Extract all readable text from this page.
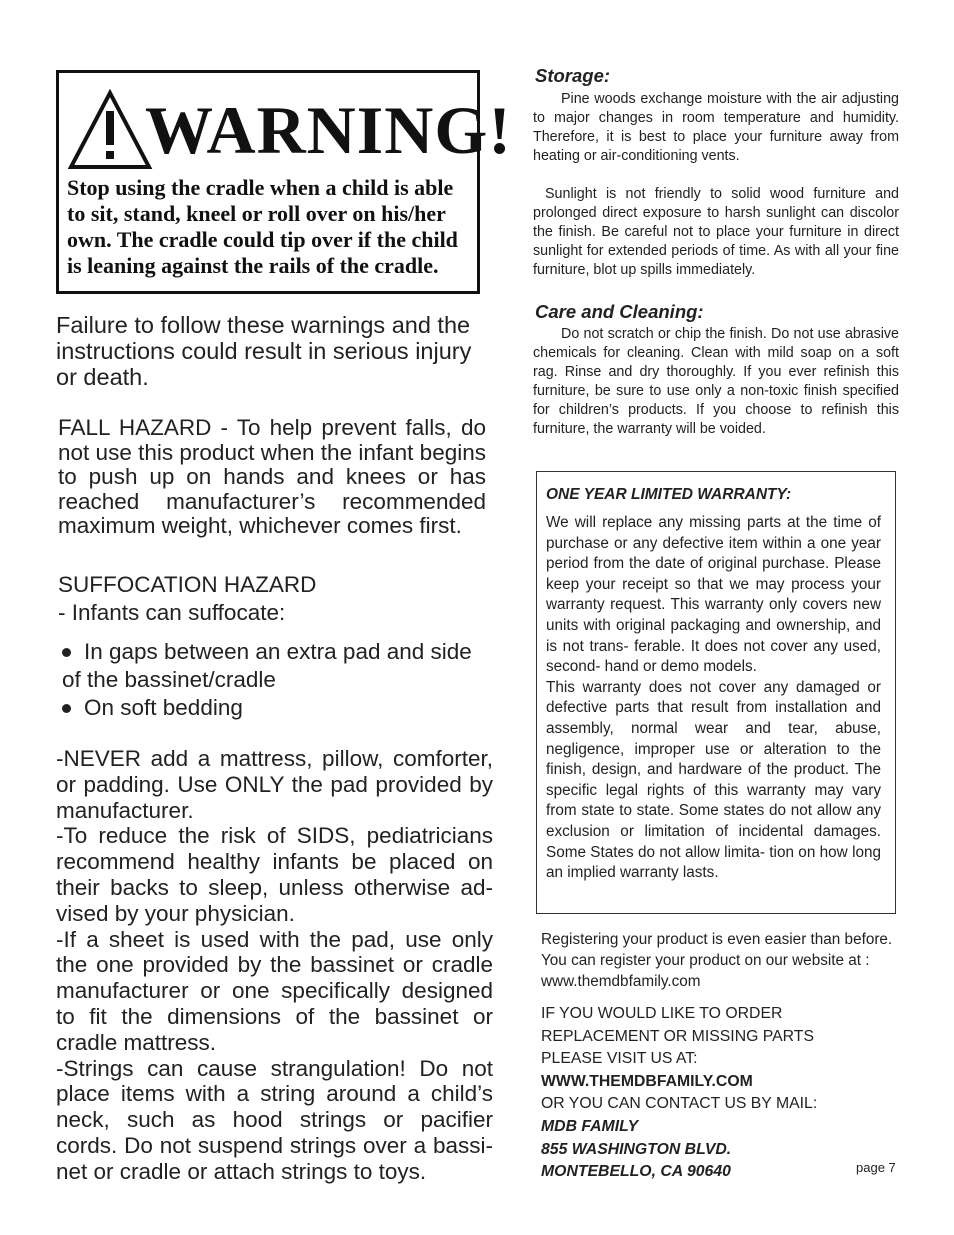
WARNING!
Stop using the cradle when a child is able to sit, stand, kneel or roll over on his/her own. The cradle could tip over if the child is leaning against the rails of the cradle.
Failure to follow these warnings and the instructions could result in serious injury or death.
FALL HAZARD - To help prevent falls, do not use this product when the infant begins to push up on hands and knees or has reached manufacturer’s recommended maximum weight, whichever comes first.
SUFFOCATION HAZARD
- Infants can suffocate:
In gaps between an extra pad and side
of the bassinet/cradle
On soft bedding

-NEVER add a mattress, pillow, comforter, or padding. Use ONLY the pad provided by manufacturer.

-To reduce the risk of SIDS, pediatricians recommend healthy infants be placed on their backs to sleep, unless otherwise ad- vised by your physician.

-If a sheet is used with the pad, use only the one provided by the bassinet or cradle manufacturer or one specifically designed to fit the dimensions of the bassinet or cradle mattress.

-Strings can cause strangulation! Do not place items with a string around a child’s neck, such as hood strings or pacifier cords. Do not suspend strings over a bassi- net or cradle or attach strings to toys.

Storage:
Pine woods exchange moisture with the air adjusting to major changes in room temperature and humidity. Therefore, it is best to place your furniture away from heating or air-conditioning vents.
Sunlight is not friendly to solid wood furniture and prolonged direct exposure to harsh sunlight can discolor the finish. Be careful not to place your furniture in direct sunlight for extended periods of time. As with all your fine furniture, blot up spills immediately.
Care and Cleaning:
Do not scratch or chip the finish. Do not use abrasive chemicals for cleaning. Clean with mild soap on a soft rag. Rinse and dry thoroughly. If you ever refinish this furniture, be sure to use only a non-toxic finish specified for children’s products. If you choose to refinish this furniture, the warranty will be voided.
ONE YEAR LIMITED WARRANTY:

We will replace any missing parts at the time of purchase or any defective item within a one year period from the date of original purchase. Please keep your receipt so that we may process your warranty request. This warranty only covers new units with original packaging and ownership, and is not trans- ferable. It does not cover any used, second- hand or demo models.

This warranty does not cover any damaged or defective parts that result from installation and assembly, normal wear and tear, abuse, negligence, improper use or alteration to the finish, design, and hardware of the product. The specific legal rights of this warranty may vary from state to state. Some states do not allow any exclusion or limitation of incidental damages. Some States do not allow limita- tion on how long an implied warranty lasts.

Registering your product is even easier than before. You can register your product on our website at : www.themdbfamily.com
IF YOU WOULD LIKE TO ORDER
REPLACEMENT OR MISSING PARTS
PLEASE VISIT US AT:
WWW.THEMDBFAMILY.COM
OR YOU CAN CONTACT US BY MAIL:
MDB FAMILY
855 WASHINGTON BLVD.
MONTEBELLO, CA 90640	page 7
